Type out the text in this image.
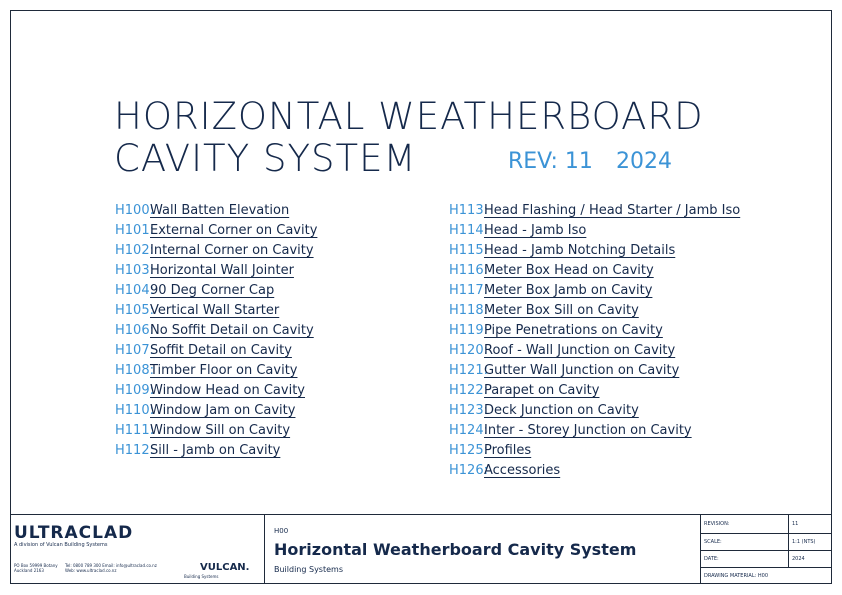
HORIZONTAL WEATHERBOARD
CAVITY SYSTEM	REV: 11 2024
H100:Wall Batten Elevation
H101:External Corner on Cavity
H102:Internal Corner on Cavity
H103:Horizontal Wall Jointer
H104:90 Deg Corner Cap
H105:Vertical Wall Starter
H106:No Soffit Detail on Cavity
H107:Soffit Detail on Cavity
H108:Timber Floor on Cavity
H109:Window Head on Cavity
H110:Window Jam on Cavity
H111:Window Sill on Cavity
H112:Sill - Jamb on Cavity
H113:Head Flashing / Head Starter / Jamb Iso
H114:Head - Jamb Iso
H115:Head - Jamb Notching Details
H116:Meter Box Head on Cavity
H117:Meter Box Jamb on Cavity
H118:Meter Box Sill on Cavity
H119:Pipe Penetrations on Cavity
H120:Roof - Wall Junction on Cavity
H121:Gutter Wall Junction on Cavity
H122:Parapet on Cavity
H123:Deck Junction on Cavity
H124:Inter - Storey Junction on Cavity
H125:Profiles
H126:Accessories
ULTRACLAD
A division of Vulcan Building Systems
PO Box 59999 Botany Auckland 2163
Tel: 0800 789 300 Email: info@ultraclad.co.nz Web: www.ultraclad.co.nz	VULCAN.
Building Systems
H00
Horizontal Weatherboard Cavity System
Building Systems
REVISION:	11
SCALE:	1:1 (NTS)
DATE:	2024
DRAWING MATERIAL: H00
